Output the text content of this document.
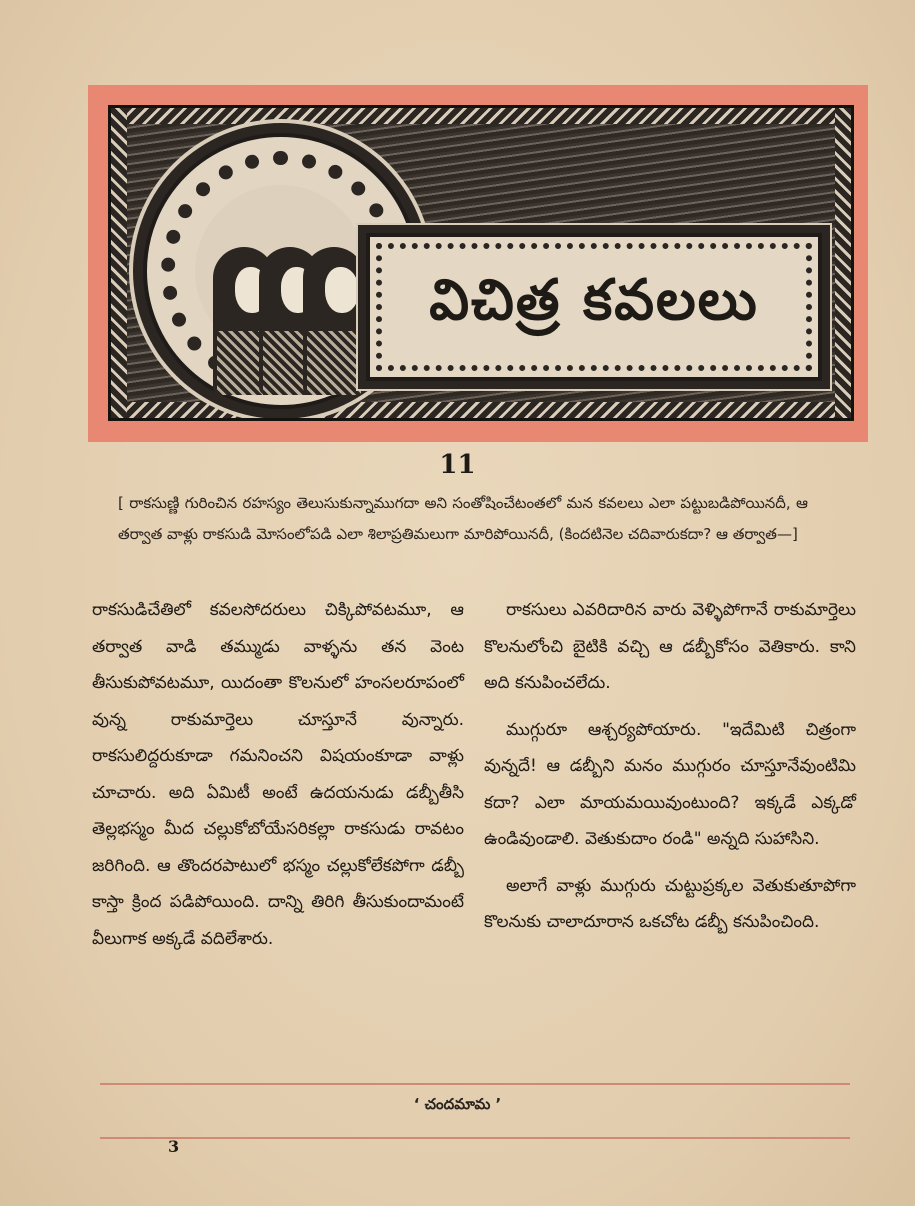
విచిత్ర కవలలు
11
[ రాకసుణ్ణి గురించిన రహస్యం తెలుసుకున్నాముగదా అని సంతోషించేటంతలో మన కవలలు ఎలా పట్టుబడిపోయినదీ, ఆ తర్వాత వాళ్లు రాకసుడి మోసంలోపడి ఎలా శిలాప్రతిమలుగా మారిపోయినదీ, (కిందటినెల చదివారుకదా? ఆ తర్వాత—]

రాకసుడిచేతిలో కవలసోదరులు చిక్కిపోవటమూ, ఆ తర్వాత వాడి తమ్ముడు వాళ్ళను తన వెంట తీసుకుపోవటమూ, యిదంతా కొలనులో హంసలరూపంలో వున్న రాకుమార్తెలు చూస్తూనే వున్నారు. రాకసులిద్దరుకూడా గమనించని విషయంకూడా వాళ్లు చూచారు. అది ఏమిటీ అంటే ఉదయనుడు డబ్బీతీసి తెల్లభస్మం మీద చల్లుకోబోయేసరికల్లా రాకసుడు రావటం జరిగింది. ఆ తొందరపాటులో భస్మం చల్లుకోలేకపోగా డబ్బీ కాస్తా క్రింద పడిపోయింది. దాన్ని తిరిగి తీసుకుందామంటే వీలుగాక అక్కడే వదిలేశారు.

రాకసులు ఎవరిదారిన వారు వెళ్ళిపోగానే రాకుమార్తెలు కొలనులోంచి బైటికి వచ్చి ఆ డబ్బీకోసం వెతికారు. కాని అది కనుపించలేదు.

ముగ్గురూ ఆశ్చర్యపోయారు. "ఇదేమిటి చిత్రంగా వున్నదే! ఆ డబ్బీని మనం ముగ్గురం చూస్తూనేవుంటిమి కదా? ఎలా మాయమయివుంటుంది? ఇక్కడే ఎక్కడో ఉండివుండాలి. వెతుకుదాం రండి" అన్నది సుహాసిని.

అలాగే వాళ్లు ముగ్గురు చుట్టుప్రక్కల వెతుకుతూపోగా కొలనుకు చాలాదూరాన ఒకచోట డబ్బీ కనుపించింది.

‘ చందమామ ’
3
